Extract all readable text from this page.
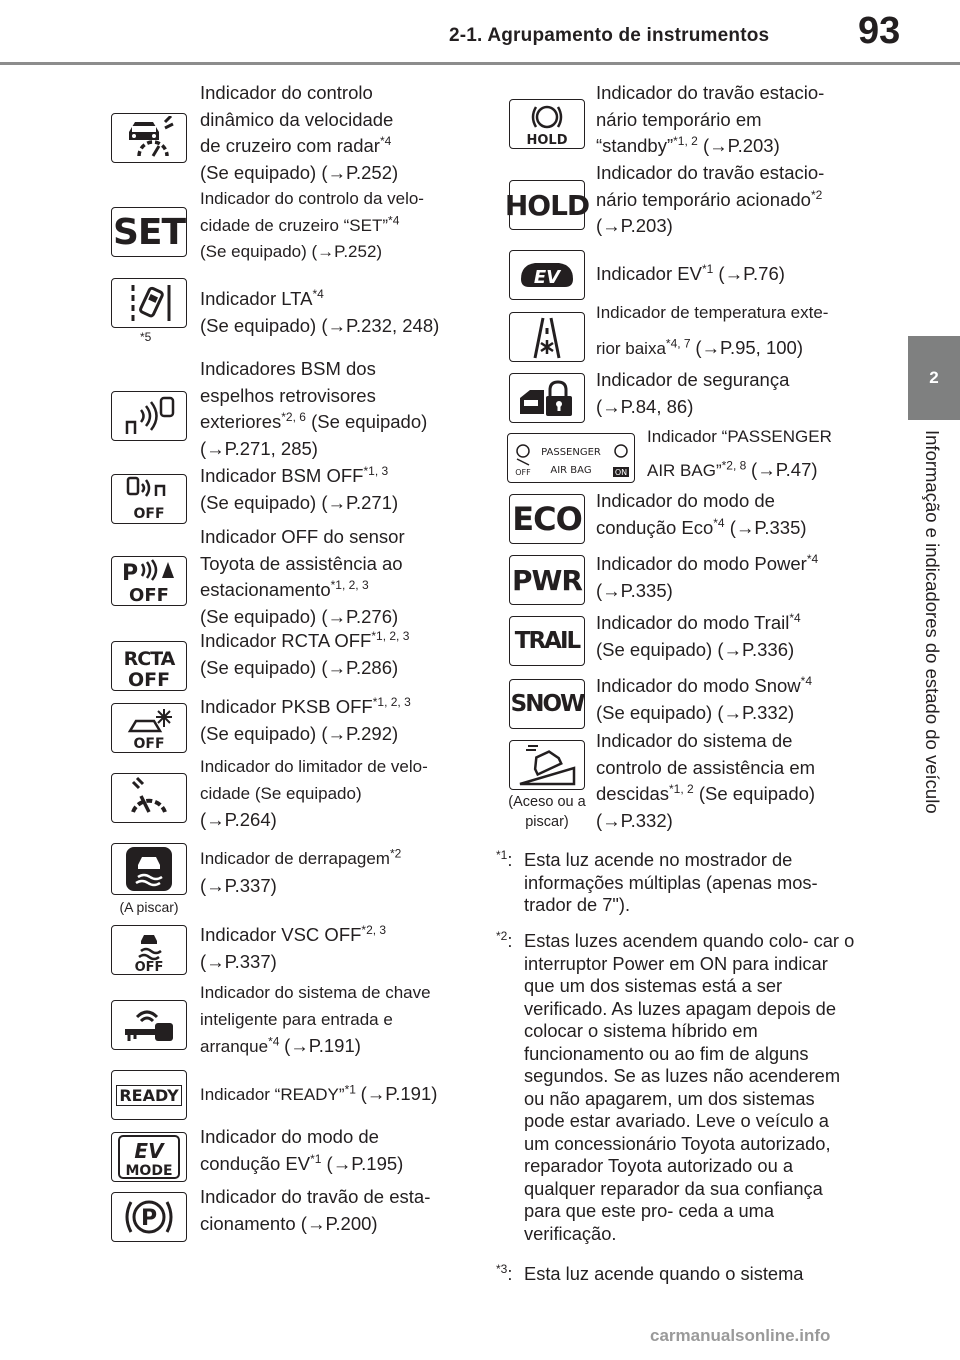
2-1. Agrupamento de instrumentos 93
2
Informação e indicadores do estado do veículo
Indicador do controlo
dinâmico da velocidade
de cruzeiro com radar$^{*4}$
(Se equipado) (→P.252)
SET
Indicador do controlo da velo-
cidade de cruzeiro “SET”$^{*4}$
(Se equipado) (→P.252)
*5
Indicador LTA$^{*4}$
(Se equipado) (→P.232, 248)
Indicadores BSM dos
espelhos retrovisores
exteriores$^{*2, 6}$ (Se equipado)
(→P.271, 285)
OFF
Indicador BSM OFF$^{*1, 3}$
(Se equipado) (→P.271)
P
OFF
Indicador OFF do sensor
Toyota de assistência ao
estacionamento$^{*1, 2, 3}$
(Se equipado) (→P.276)
RCTA
OFF
Indicador RCTA OFF$^{*1, 2, 3}$
(Se equipado) (→P.286)
OFF
Indicador PKSB OFF$^{*1, 2, 3}$
(Se equipado) (→P.292)
Indicador do limitador de velo-
cidade (Se equipado)
(→P.264)
(A piscar)
Indicador de derrapagem$^{*2}$
(→P.337)
OFF
Indicador VSC OFF$^{*2, 3}$
(→P.337)
Indicador do sistema de chave
inteligente para entrada e
arranque$^{*4}$ (→P.191)
READY Indicador “READY”$^{*1}$ (→P.191)
EV
MODE
Indicador do modo de
condução EV$^{*1}$ (→P.195)
P
Indicador do travão de esta-
cionamento (→P.200)
HOLD
Indicador do travão estacio-
nário temporário em
“standby”$^{*1, 2}$ (→P.203)
HOLD
Indicador do travão estacio-
nário temporário acionado$^{*2}$
(→P.203)
EV Indicador EV$^{*1}$ (→P.76)
Indicador de temperatura exte-
rior baixa$^{*4, 7}$ (→P.95, 100)
Indicador de segurança
(→P.84, 86)
OFF
PASSENGER
AIR BAG	ON
Indicador “PASSENGER
AIR BAG”$^{*2, 8}$ (→P.47)
ECO Indicador do modo de
condução Eco$^{*4}$ (→P.335)
PWR Indicador do modo Power$^{*4}$
(→P.335)
TRAIL
Indicador do modo Trail$^{*4}$
(Se equipado) (→P.336)
SNOW
Indicador do modo Snow$^{*4}$
(Se equipado) (→P.332)
(Aceso ou a piscar)
Indicador do sistema de
controlo de assistência em
descidas$^{*1, 2}$ (Se equipado)
(→P.332)
$^{*1}$: Esta luz acende no mostrador de informações múltiplas (apenas mos- trador de 7").
$^{*2}$: Estas luzes acendem quando colo- car o interruptor Power em ON para indicar que um dos sistemas está a ser verificado. As luzes apagam depois de colocar o sistema híbrido em funcionamento ou ao fim de alguns segundos. Se as luzes não acenderem ou não apagarem, um dos sistemas pode estar avariado. Leve o veículo a um concessionário Toyota autorizado, reparador Toyota autorizado ou a qualquer reparador da sua confiança para que este pro- ceda a uma verificação.
$^{*3}$: Esta luz acende quando o sistema
carmanualsonline.info
